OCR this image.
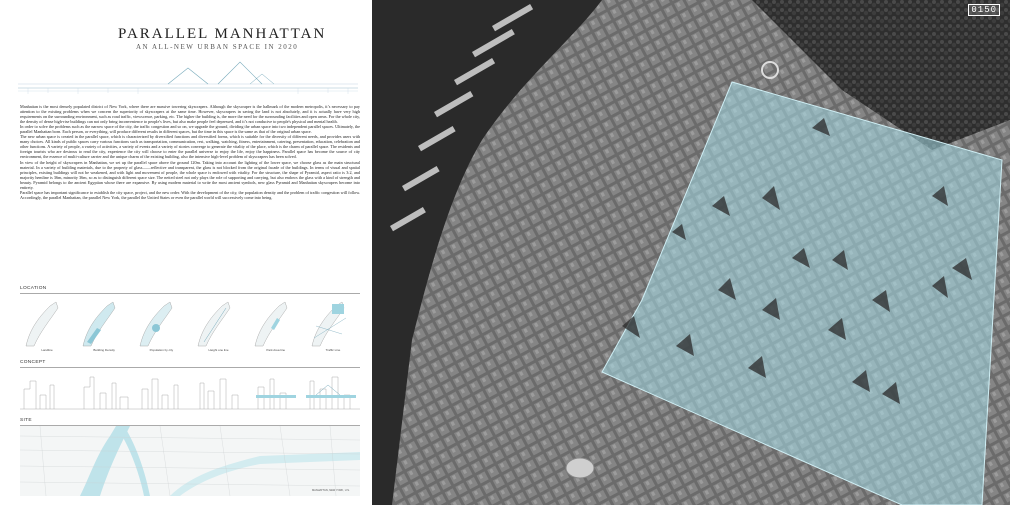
PARALLEL MANHATTAN
AN ALL-NEW URBAN SPACE IN 2020

Manhattan is the most densely populated district of New York, where there are massive towering skyscrapers. Although the skyscraper is the hallmark of the modern metropolis, it’s necessary to pay attention to the existing problems when we concern the superiority of skyscrapers at the same time. However, skyscrapers in saving the land is not absolutely, and it is actually have very high requirements on the surrounding environment, such as road traffic, viewscence, parking, etc. The higher the building is, the more the need for the surrounding facilities and open areas. For the whole city, the density of dense high-rise buildings can not only bring inconvenience to people's lives, but also make people feel depressed, and it’s not conducive to people's physical and mental health.

In order to solve the problems such as the narrow space of the city, the traffic congestion and so on, we upgrade the ground, dividing the urban space into two independent parallel spaces. Ultimately, the parallel Manhattan born. Each person, or everything, will produce different results in different spaces, but the time in this space is the same as that of the original urban space.

The new urban space is created in the parallel space, which is characterized by diversified functions and diversified forms, which is suitable for the diversity of different needs, and provides users with many choices. All kinds of public spaces carry various functions such as transportation, communication, rest, walking, watching, fitness, entertainment, catering, presentation, education, celebration and other functions. A variety of people, a variety of activities, a variety of events and a variety of stories converge to generate the vitality of the place, which is the charm of parallel space. The residents and foreign tourists who are desirous to read the city, experience the city will choose to enter the parallel universe to enjoy the life, enjoy the happiness. Parallel space has become the source of city environment, the essence of multi-culture carrier and the unique charm of the existing building, also the intensive high-level problem of skyscrapers has been solved.

In view of the height of skyscrapers in Manhattan, we set up the parallel space above the ground 120m. Taking into account the lighting of the lower space, we choose glass as the main structural material. In a variety of building materials, due to the property of glass——reflective and transparent, the glass is not blocked from the original facade of the buildings. In terms of visual and spatial principles, existing buildings will not be weakened, and with light and movement of people, the whole space is endowed with vitality. For the structure, the shape of Pyramid, aspect ratio is 3:2, and majority hemline is 36m, minority 36m, so as to distinguish different space size. The netted steel not only plays the role of supporting and carrying, but also endows the glass with a kind of strength and beauty. Pyramid belongs to the ancient Egyptian whose there are expansive. By using modern material to write the most ancient symbols, new glass Pyramid and Manhattan skyscrapers become into entirety.

Parallel space has important significance to establish the city space, project, and the new order. With the development of the city, the population density and the problem of traffic congestion will follow. Accordingly, the parallel Manhattan, the parallel New York, the parallel the United States or even the parallel world will successively come into being.

LOCATION
Landline	Building Density	Population by city	Height one line	Park Area line	Traffic Line
CONCEPT
SITE
MANHATTAN, NEW YORK, U.S.
0150
